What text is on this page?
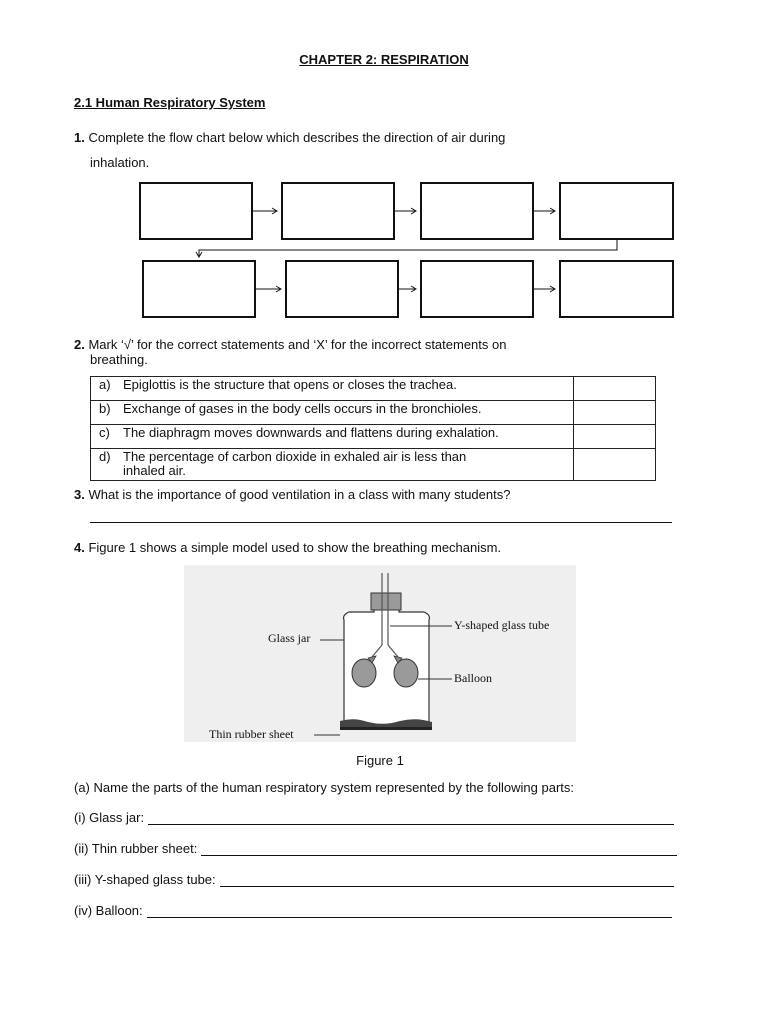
CHAPTER 2: RESPIRATION
2.1 Human Respiratory System
1. Complete the flow chart below which describes the direction of air during
inhalation.
2. Mark ‘√’ for the correct statements and ‘X’ for the incorrect statements on
breathing.
a) Epiglottis is the structure that opens or closes the trachea.	
b) Exchange of gases in the body cells occurs in the bronchioles.	
c) The diaphragm moves downwards and flattens during exhalation.	

d) The percentage of carbon dioxide in exhaled air is less than inhaled air.	

3. What is the importance of good ventilation in a class with many students?
4. Figure 1 shows a simple model used to show the breathing mechanism.
Glass jar
Y-shaped glass tube
Balloon
Thin rubber sheet
Figure 1
(a) Name the parts of the human respiratory system represented by the following parts:
(i) Glass jar:
(ii) Thin rubber sheet:
(iii) Y-shaped glass tube:
(iv) Balloon:
